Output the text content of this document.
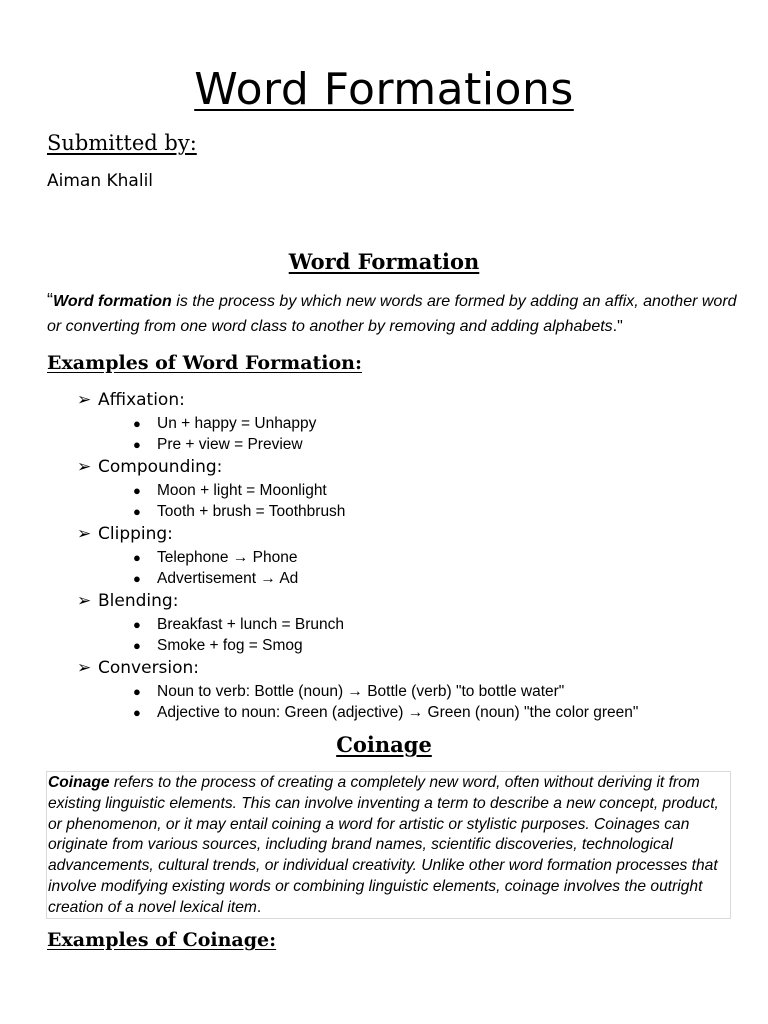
Word Formations
Submitted by:
Aiman Khalil
Word Formation
“Word formation is the process by which new words are formed by adding an affix, another word or converting from one word class to another by removing and adding alphabets."
Examples of Word Formation:
➢ Affixation:
● Un + happy = Unhappy
● Pre + view = Preview
➢ Compounding:
● Moon + light = Moonlight
● Tooth + brush = Toothbrush
➢ Clipping:
● Telephone → Phone
● Advertisement → Ad
➢ Blending:
● Breakfast + lunch = Brunch
● Smoke + fog = Smog
➢ Conversion:
● Noun to verb: Bottle (noun) → Bottle (verb) "to bottle water"
● Adjective to noun: Green (adjective) → Green (noun) "the color green"
Coinage
Coinage refers to the process of creating a completely new word, often without deriving it from existing linguistic elements. This can involve inventing a term to describe a new concept, product, or phenomenon, or it may entail coining a word for artistic or stylistic purposes. Coinages can originate from various sources, including brand names, scientific discoveries, technological advancements, cultural trends, or individual creativity. Unlike other word formation processes that involve modifying existing words or combining linguistic elements, coinage involves the outright creation of a novel lexical item.
Examples of Coinage:
